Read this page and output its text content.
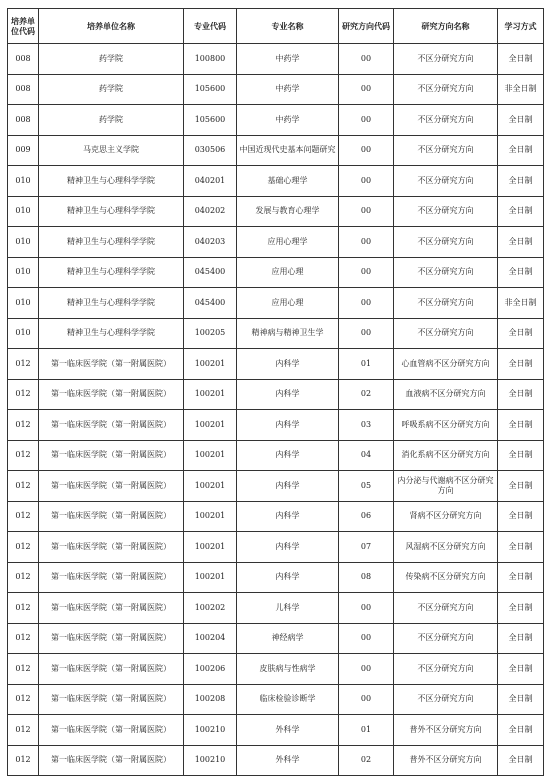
培养单位代码	培养单位名称	专业代码	专业名称	研究方向代码	研究方向名称	学习方式
008	药学院	100800	中药学	00	不区分研究方向	全日制
008	药学院	105600	中药学	00	不区分研究方向	非全日制
008	药学院	105600	中药学	00	不区分研究方向	全日制
009	马克思主义学院	030506	中国近现代史基本问题研究	00	不区分研究方向	全日制
010	精神卫生与心理科学学院	040201	基础心理学	00	不区分研究方向	全日制
010	精神卫生与心理科学学院	040202	发展与教育心理学	00	不区分研究方向	全日制
010	精神卫生与心理科学学院	040203	应用心理学	00	不区分研究方向	全日制
010	精神卫生与心理科学学院	045400	应用心理	00	不区分研究方向	全日制
010	精神卫生与心理科学学院	045400	应用心理	00	不区分研究方向	非全日制
010	精神卫生与心理科学学院	100205	精神病与精神卫生学	00	不区分研究方向	全日制
012	第一临床医学院（第一附属医院）	100201	内科学	01	心血管病不区分研究方向	全日制
012	第一临床医学院（第一附属医院）	100201	内科学	02	血液病不区分研究方向	全日制
012	第一临床医学院（第一附属医院）	100201	内科学	03	呼吸系病不区分研究方向	全日制
012	第一临床医学院（第一附属医院）	100201	内科学	04	消化系病不区分研究方向	全日制
012	第一临床医学院（第一附属医院）	100201	内科学	05	内分泌与代谢病不区分研究方向	全日制
012	第一临床医学院（第一附属医院）	100201	内科学	06	肾病不区分研究方向	全日制
012	第一临床医学院（第一附属医院）	100201	内科学	07	风湿病不区分研究方向	全日制
012	第一临床医学院（第一附属医院）	100201	内科学	08	传染病不区分研究方向	全日制
012	第一临床医学院（第一附属医院）	100202	儿科学	00	不区分研究方向	全日制
012	第一临床医学院（第一附属医院）	100204	神经病学	00	不区分研究方向	全日制
012	第一临床医学院（第一附属医院）	100206	皮肤病与性病学	00	不区分研究方向	全日制
012	第一临床医学院（第一附属医院）	100208	临床检验诊断学	00	不区分研究方向	全日制
012	第一临床医学院（第一附属医院）	100210	外科学	01	普外不区分研究方向	全日制
012	第一临床医学院（第一附属医院）	100210	外科学	02	普外不区分研究方向	全日制
